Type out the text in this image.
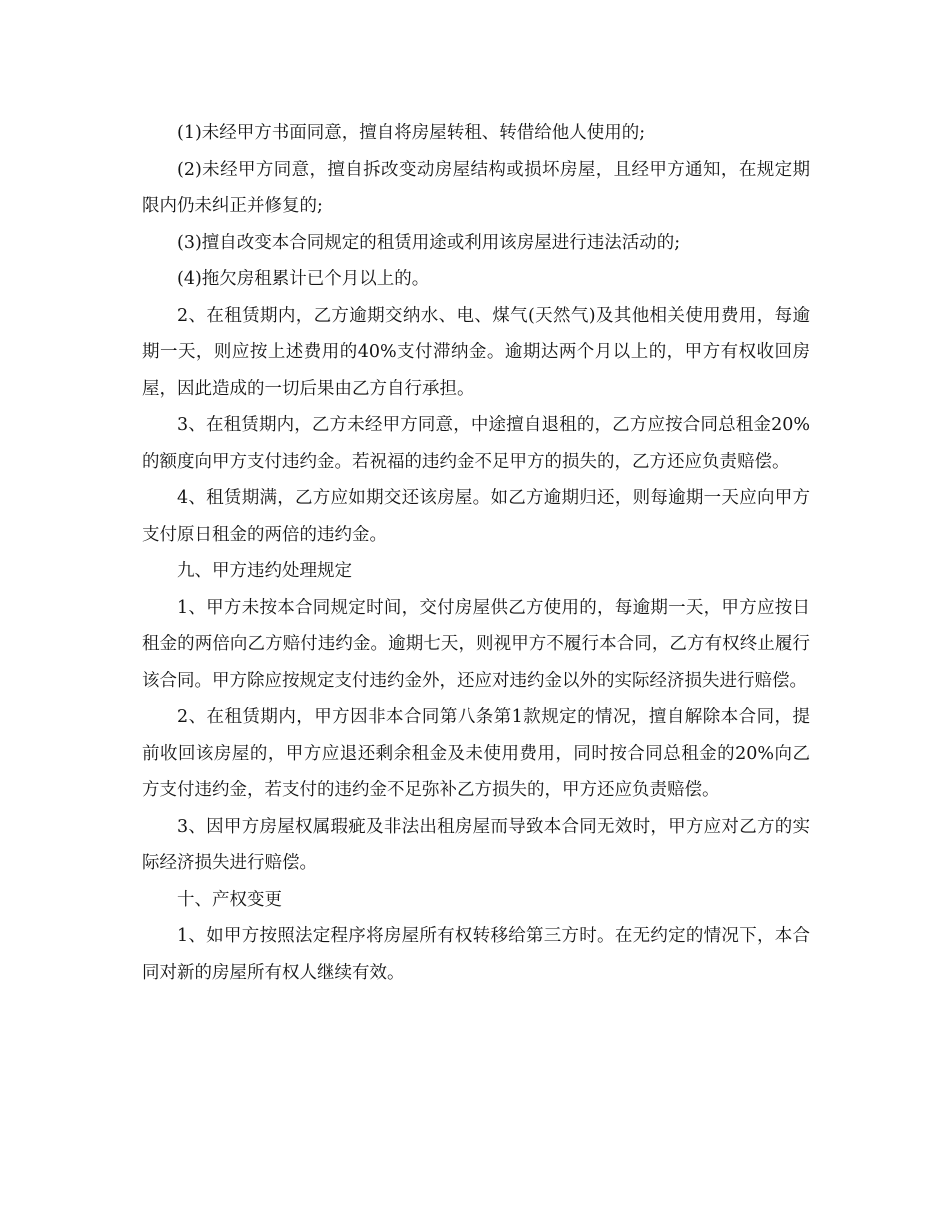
(1)未经甲方书面同意，擅自将房屋转租、转借给他人使用的;

(2)未经甲方同意，擅自拆改变动房屋结构或损坏房屋，且经甲方通知，在规定期限内仍未纠正并修复的;

(3)擅自改变本合同规定的租赁用途或利用该房屋进行违法活动的;

(4)拖欠房租累计已个月以上的。

2、在租赁期内，乙方逾期交纳水、电、煤气(天然气)及其他相关使用费用，每逾期一天，则应按上述费用的40%支付滞纳金。逾期达两个月以上的，甲方有权收回房屋，因此造成的一切后果由乙方自行承担。

3、在租赁期内，乙方未经甲方同意，中途擅自退租的，乙方应按合同总租金20%的额度向甲方支付违约金。若祝福的违约金不足甲方的损失的，乙方还应负责赔偿。

4、租赁期满，乙方应如期交还该房屋。如乙方逾期归还，则每逾期一天应向甲方支付原日租金的两倍的违约金。

九、甲方违约处理规定

1、甲方未按本合同规定时间，交付房屋供乙方使用的，每逾期一天，甲方应按日租金的两倍向乙方赔付违约金。逾期七天，则视甲方不履行本合同，乙方有权终止履行该合同。甲方除应按规定支付违约金外，还应对违约金以外的实际经济损失进行赔偿。

2、在租赁期内，甲方因非本合同第八条第1款规定的情况，擅自解除本合同，提前收回该房屋的，甲方应退还剩余租金及未使用费用，同时按合同总租金的20%向乙方支付违约金，若支付的违约金不足弥补乙方损失的，甲方还应负责赔偿。

3、因甲方房屋权属瑕疵及非法出租房屋而导致本合同无效时，甲方应对乙方的实际经济损失进行赔偿。

十、产权变更

1、如甲方按照法定程序将房屋所有权转移给第三方时。在无约定的情况下，本合同对新的房屋所有权人继续有效。
